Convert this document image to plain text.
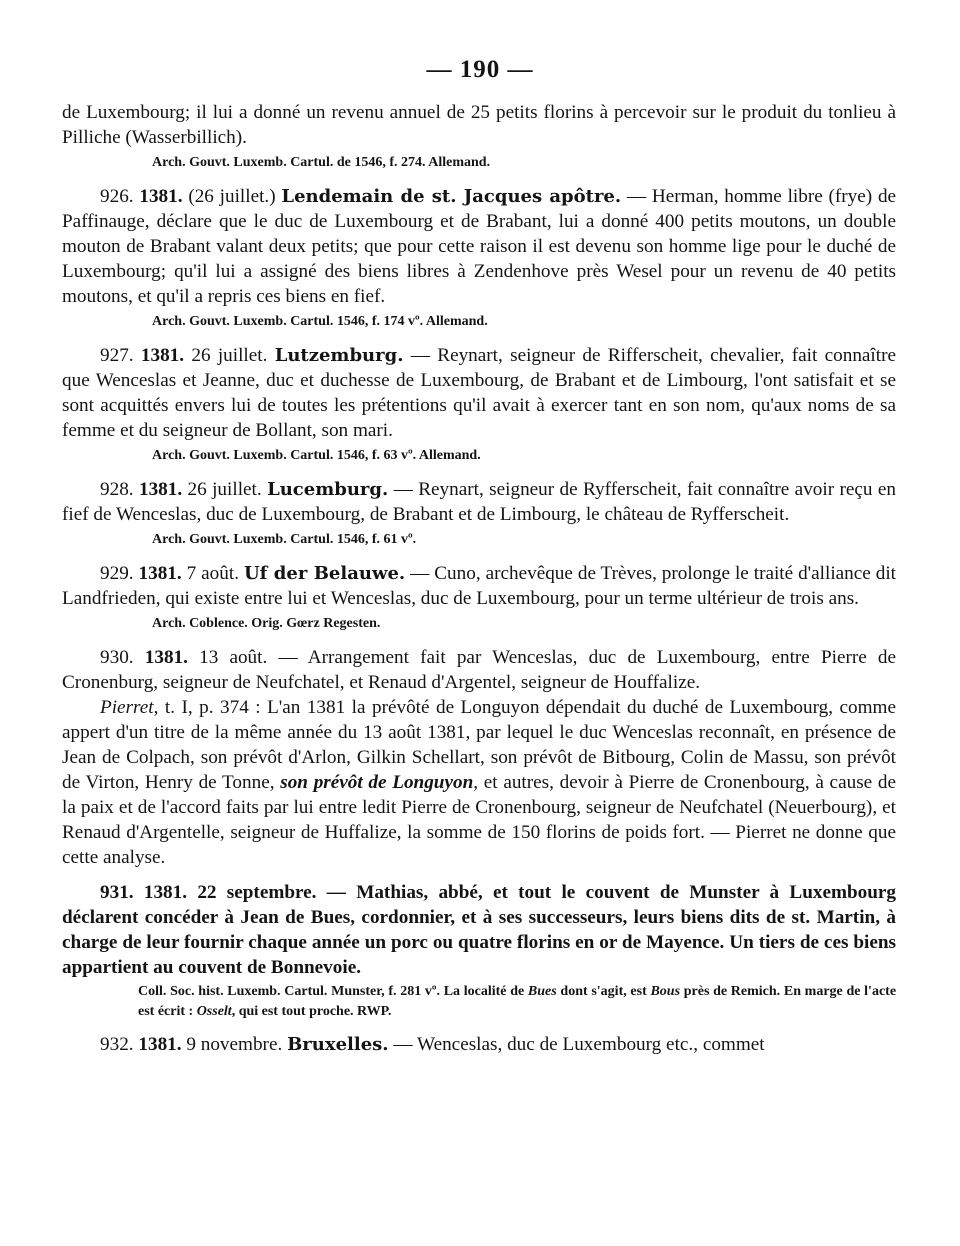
— 190 —

de Luxembourg; il lui a donné un revenu annuel de 25 petits florins à percevoir sur le produit du tonlieu à Pilliche (Wasserbillich).

Arch. Gouvt. Luxemb. Cartul. de 1546, f. 274. Allemand.

926. 1381. (26 juillet.) Lendemain de st. Jacques apôtre. — Herman, homme libre (frye) de Paffinauge, déclare que le duc de Luxembourg et de Brabant, lui a donné 400 petits moutons, un double mouton de Brabant valant deux petits; que pour cette raison il est devenu son homme lige pour le duché de Luxembourg; qu'il lui a assigné des biens libres à Zendenhove près Wesel pour un revenu de 40 petits moutons, et qu'il a repris ces biens en fief.

Arch. Gouvt. Luxemb. Cartul. 1546, f. 174 vº. Allemand.

927. 1381. 26 juillet. Lutzemburg. — Reynart, seigneur de Rifferscheit, chevalier, fait connaître que Wenceslas et Jeanne, duc et duchesse de Luxembourg, de Brabant et de Limbourg, l'ont satisfait et se sont acquittés envers lui de toutes les prétentions qu'il avait à exercer tant en son nom, qu'aux noms de sa femme et du seigneur de Bollant, son mari.

Arch. Gouvt. Luxemb. Cartul. 1546, f. 63 vº. Allemand.

928. 1381. 26 juillet. Lucemburg. — Reynart, seigneur de Ryfferscheit, fait connaître avoir reçu en fief de Wenceslas, duc de Luxembourg, de Brabant et de Limbourg, le château de Ryfferscheit.

Arch. Gouvt. Luxemb. Cartul. 1546, f. 61 vº.

929. 1381. 7 août. Uf der Belauwe. — Cuno, archevêque de Trèves, prolonge le traité d'alliance dit Landfrieden, qui existe entre lui et Wenceslas, duc de Luxembourg, pour un terme ultérieur de trois ans.

Arch. Coblence. Orig. Gœrz Regesten.

930. 1381. 13 août. — Arrangement fait par Wenceslas, duc de Luxembourg, entre Pierre de Cronenburg, seigneur de Neufchatel, et Renaud d'Argentel, seigneur de Houffalize.

Pierret, t. I, p. 374 : L'an 1381 la prévôté de Longuyon dépendait du duché de Luxembourg, comme appert d'un titre de la même année du 13 août 1381, par lequel le duc Wenceslas reconnaît, en présence de Jean de Colpach, son prévôt d'Arlon, Gilkin Schellart, son prévôt de Bitbourg, Colin de Massu, son prévôt de Virton, Henry de Tonne, son prévôt de Longuyon, et autres, devoir à Pierre de Cronenbourg, à cause de la paix et de l'accord faits par lui entre ledit Pierre de Cronenbourg, seigneur de Neufchatel (Neuerbourg), et Renaud d'Argentelle, seigneur de Huffalize, la somme de 150 florins de poids fort. — Pierret ne donne que cette analyse.

931. 1381. 22 septembre. — Mathias, abbé, et tout le couvent de Munster à Luxembourg déclarent concéder à Jean de Bues, cordonnier, et à ses successeurs, leurs biens dits de st. Martin, à charge de leur fournir chaque année un porc ou quatre florins en or de Mayence. Un tiers de ces biens appartient au couvent de Bonnevoie.

Coll. Soc. hist. Luxemb. Cartul. Munster, f. 281 vº. La localité de Bues dont s'agit, est Bous près de Remich. En marge de l'acte est écrit : Osselt, qui est tout proche. RWP.

932. 1381. 9 novembre. Bruxelles. — Wenceslas, duc de Luxembourg etc., commet
